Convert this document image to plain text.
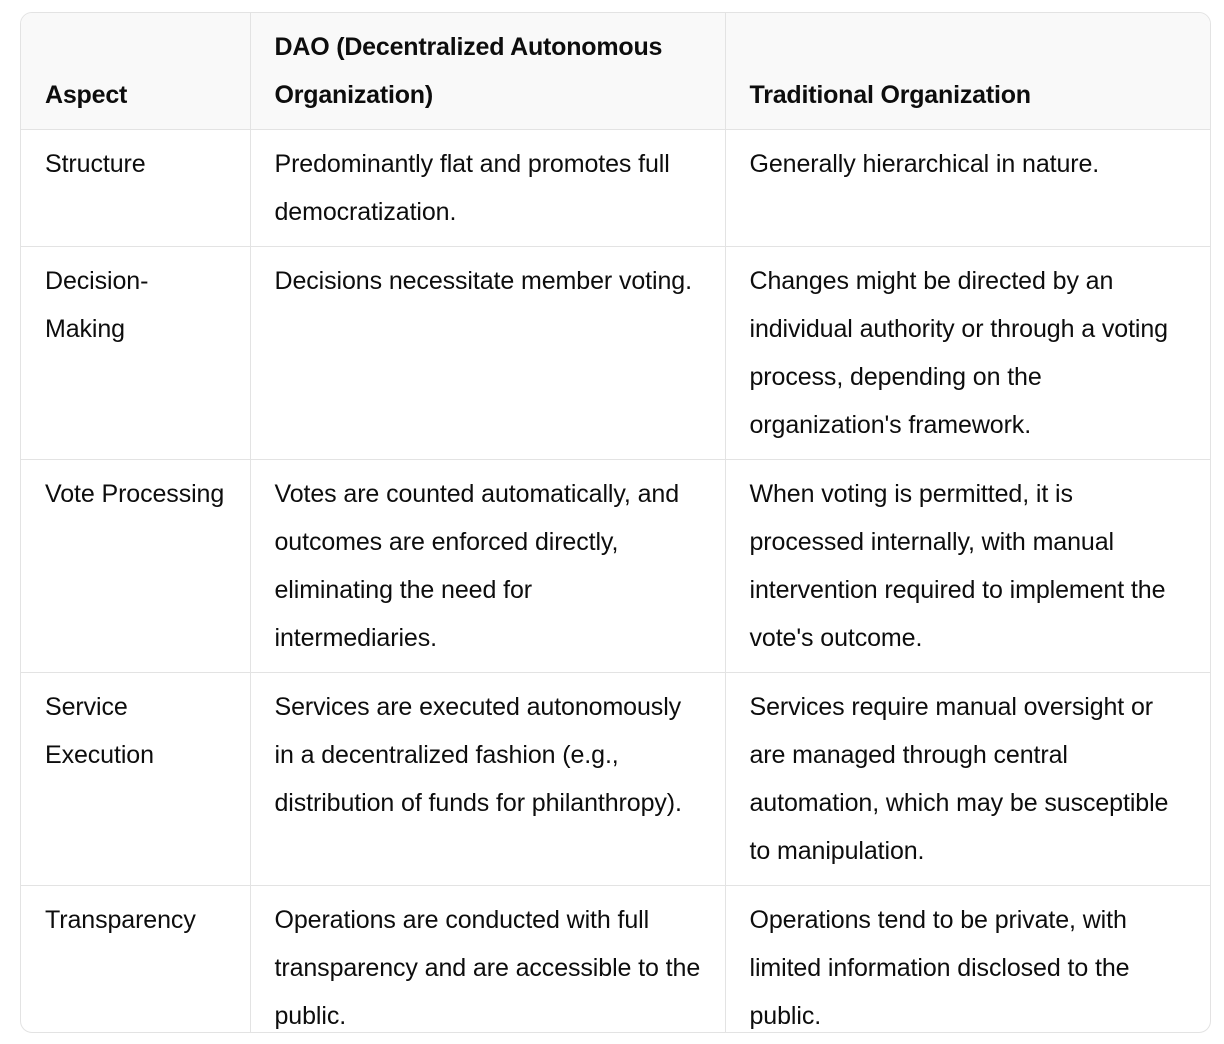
Aspect	DAO (Decentralized Autonomous Organization)	Traditional Organization
Structure	Predominantly flat and promotes full democratization.	Generally hierarchical in nature.
Decision-Making	Decisions necessitate member voting.	Changes might be directed by an individual authority or through a voting process, depending on the organization's framework.
Vote Processing	Votes are counted automatically, and outcomes are enforced directly, eliminating the need for intermediaries.	When voting is permitted, it is processed internally, with manual intervention required to implement the vote's outcome.
Service Execution	Services are executed autonomously in a decentralized fashion (e.g., distribution of funds for philanthropy).	Services require manual oversight or are managed through central automation, which may be susceptible to manipulation.
Transparency	Operations are conducted with full transparency and are accessible to the public.	Operations tend to be private, with limited information disclosed to the public.
